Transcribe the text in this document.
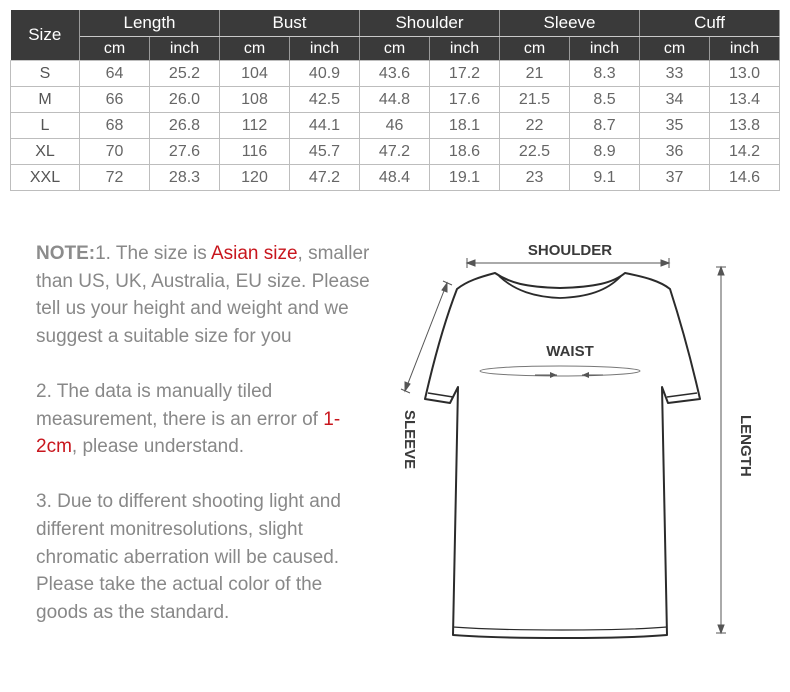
Size	Length		Bust		Shoulder		Sleeve		Cuff	
	cm	inch	cm	inch	cm	inch	cm	inch	cm	inch
S	64	25.2	104	40.9	43.6	17.2	21	8.3	33	13.0
M	66	26.0	108	42.5	44.8	17.6	21.5	8.5	34	13.4
L	68	26.8	112	44.1	46	18.1	22	8.7	35	13.8
XL	70	27.6	116	45.7	47.2	18.6	22.5	8.9	36	14.2
XXL	72	28.3	120	47.2	48.4	19.1	23	9.1	37	14.6

NOTE:1. The size is Asian size, smaller than US, UK, Australia, EU size. Please tell us your height and weight and we suggest a suitable size for you

2. The data is manually tiled measurement, there is an error of 1-2cm, please understand.

3. Due to different shooting light and different monitresolutions, slight chromatic aberration will be caused. Please take the actual color of the goods as the standard.

SHOULDER
WAIST
SLEEVE	LENGTH
